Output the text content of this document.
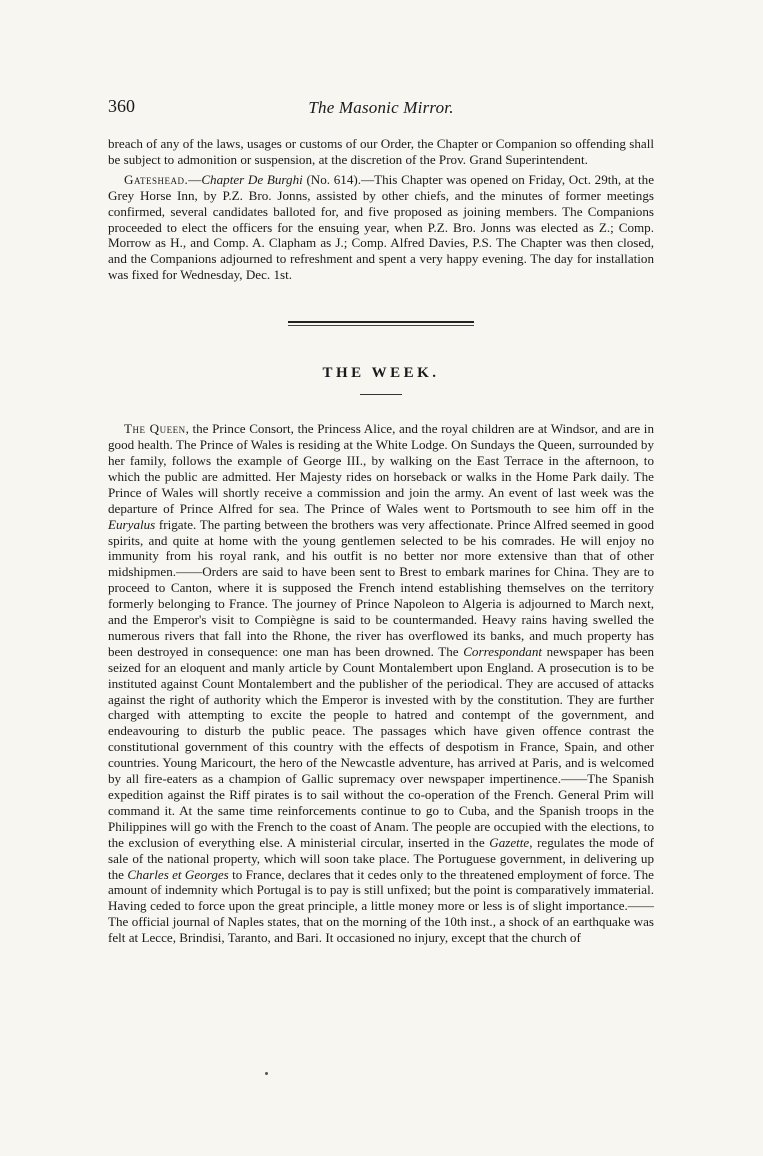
360	The Masonic Mirror.

breach of any of the laws, usages or customs of our Order, the Chapter or Companion so offending shall be subject to admonition or suspension, at the discretion of the Prov. Grand Superintendent.

Gateshead.—Chapter De Burghi (No. 614).—This Chapter was opened on Friday, Oct. 29th, at the Grey Horse Inn, by P.Z. Bro. Jonns, assisted by other chiefs, and the minutes of former meetings confirmed, several candidates balloted for, and five proposed as joining members. The Companions proceeded to elect the officers for the ensuing year, when P.Z. Bro. Jonns was elected as Z.; Comp. Morrow as H., and Comp. A. Clapham as J.; Comp. Alfred Davies, P.S. The Chapter was then closed, and the Companions adjourned to refreshment and spent a very happy evening. The day for installation was fixed for Wednesday, Dec. 1st.

THE WEEK.

The Queen, the Prince Consort, the Princess Alice, and the royal children are at Windsor, and are in good health. The Prince of Wales is residing at the White Lodge. On Sundays the Queen, surrounded by her family, follows the example of George III., by walking on the East Terrace in the afternoon, to which the public are admitted. Her Majesty rides on horseback or walks in the Home Park daily. The Prince of Wales will shortly receive a commission and join the army. An event of last week was the departure of Prince Alfred for sea. The Prince of Wales went to Portsmouth to see him off in the Euryalus frigate. The parting between the brothers was very affectionate. Prince Alfred seemed in good spirits, and quite at home with the young gentlemen selected to be his comrades. He will enjoy no immunity from his royal rank, and his outfit is no better nor more extensive than that of other midshipmen.——Orders are said to have been sent to Brest to embark marines for China. They are to proceed to Canton, where it is supposed the French intend establishing themselves on the territory formerly belonging to France. The journey of Prince Napoleon to Algeria is adjourned to March next, and the Emperor's visit to Compiègne is said to be countermanded. Heavy rains having swelled the numerous rivers that fall into the Rhone, the river has overflowed its banks, and much property has been destroyed in consequence: one man has been drowned. The Correspondant newspaper has been seized for an eloquent and manly article by Count Montalembert upon England. A prosecution is to be instituted against Count Montalembert and the publisher of the periodical. They are accused of attacks against the right of authority which the Emperor is invested with by the constitution. They are further charged with attempting to excite the people to hatred and contempt of the government, and endeavouring to disturb the public peace. The passages which have given offence contrast the constitutional government of this country with the effects of despotism in France, Spain, and other countries. Young Maricourt, the hero of the Newcastle adventure, has arrived at Paris, and is welcomed by all fire-eaters as a champion of Gallic supremacy over newspaper impertinence.——The Spanish expedition against the Riff pirates is to sail without the co-operation of the French. General Prim will command it. At the same time reinforcements continue to go to Cuba, and the Spanish troops in the Philippines will go with the French to the coast of Anam. The people are occupied with the elections, to the exclusion of everything else. A ministerial circular, inserted in the Gazette, regulates the mode of sale of the national property, which will soon take place. The Portuguese government, in delivering up the Charles et Georges to France, declares that it cedes only to the threatened employment of force. The amount of indemnity which Portugal is to pay is still unfixed; but the point is comparatively immaterial. Having ceded to force upon the great principle, a little money more or less is of slight importance.——The official journal of Naples states, that on the morning of the 10th inst., a shock of an earthquake was felt at Lecce, Brindisi, Taranto, and Bari. It occasioned no injury, except that the church of
